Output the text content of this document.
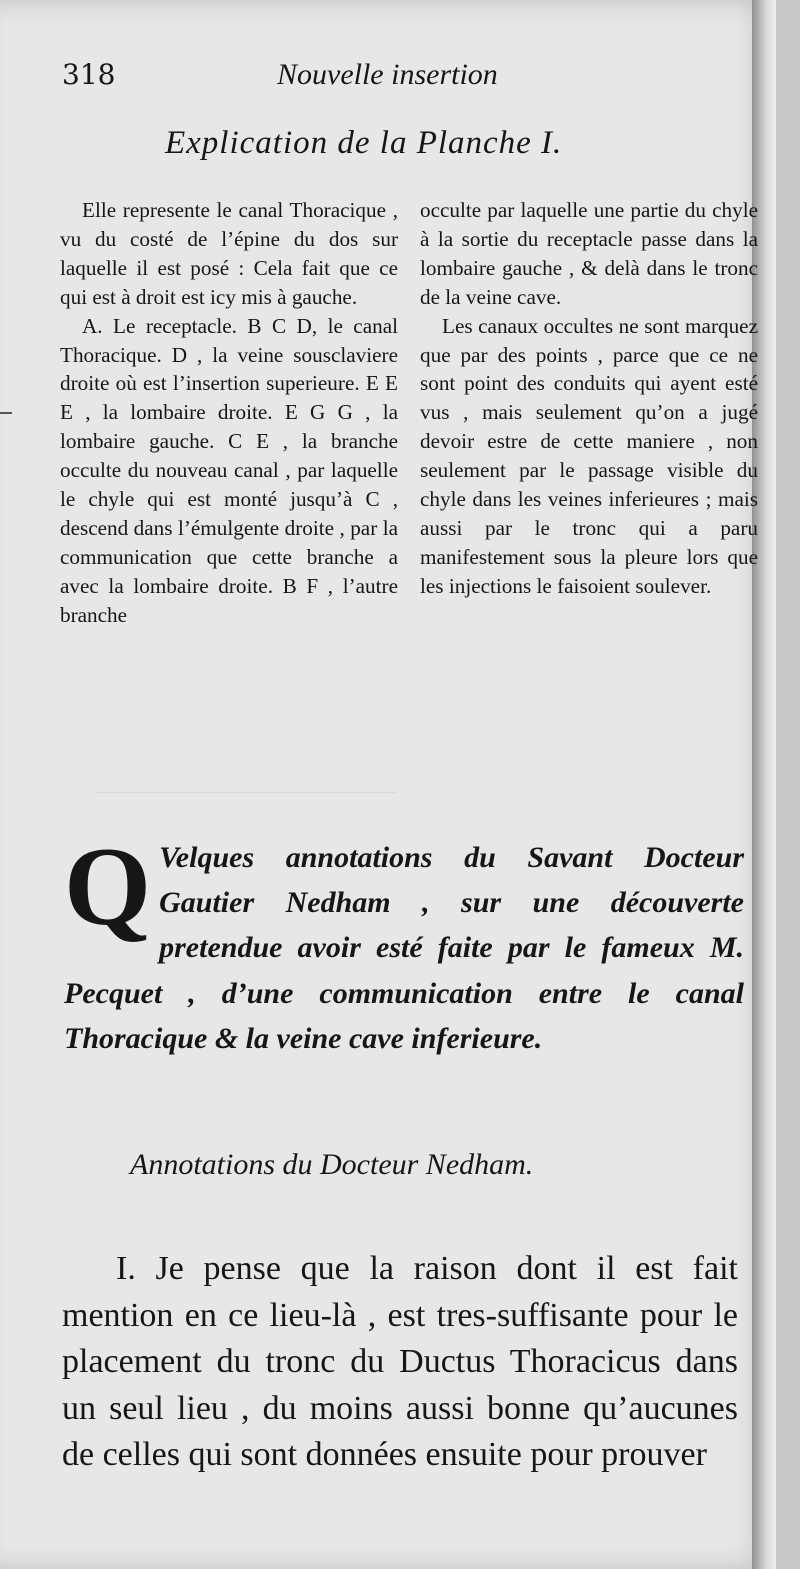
318	Nouvelle insertion
Explication de la Planche I.

Elle represente le canal Thoracique , vu du costé de l’épine du dos sur laquelle il est posé : Cela fait que ce qui est à droit est icy mis à gauche.

A. Le receptacle. B C D, le canal Thoracique. D , la veine sousclaviere droite où est l’insertion superieure. E E E , la lombaire droite. E G G , la lombaire gauche. C E , la branche occulte du nouveau canal , par laquelle le chyle qui est monté jusqu’à C , descend dans l’émulgente droite , par la communication que cette branche a avec la lombaire droite. B F , l’autre branche

occulte par laquelle une partie du chyle à la sortie du receptacle passe dans la lombaire gauche , & delà dans le tronc de la veine cave.

Les canaux occultes ne sont marquez que par des points , parce que ce ne sont point des conduits qui ayent esté vus , mais seulement qu’on a jugé devoir estre de cette maniere , non seulement par le passage visible du chyle dans les veines inferieures ; mais aussi par le tronc qui a paru manifestement sous la pleure lors que les injections le faisoient soulever.

Q Velques annotations du Savant Docteur Gautier Nedham , sur une découverte pretendue avoir esté faite par le fameux M. Pecquet , d’une communication entre le canal Thoracique & la veine cave inferieure.
Annotations du Docteur Nedham.

I. Je pense que la raison dont il est fait mention en ce lieu-là , est tres-suffisante pour le placement du tronc du Ductus Thoracicus dans un seul lieu , du moins aussi bonne qu’aucunes de celles qui sont données ensuite pour prouver
